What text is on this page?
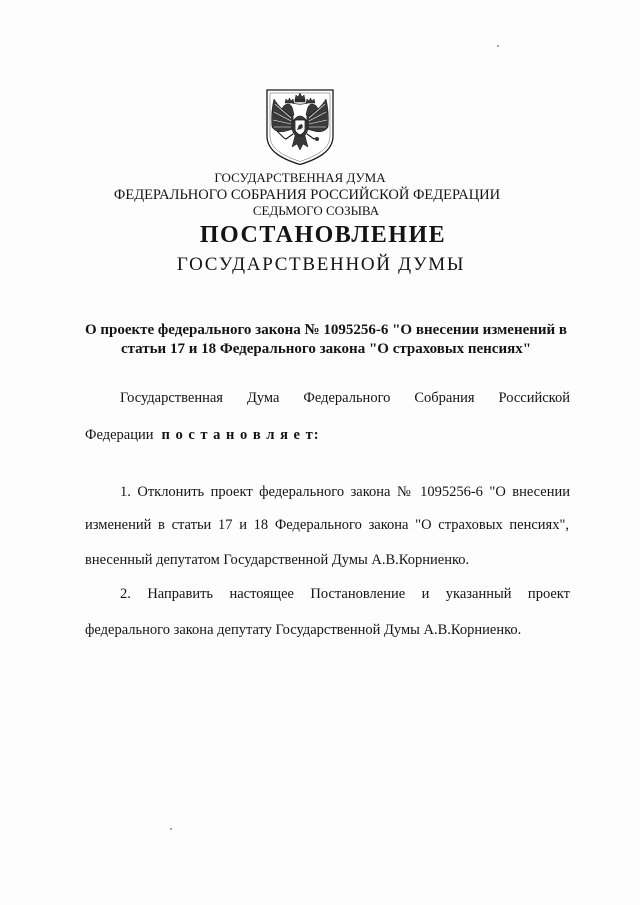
ГОСУДАРСТВЕННАЯ ДУМА
ФЕДЕРАЛЬНОГО СОБРАНИЯ РОССИЙСКОЙ ФЕДЕРАЦИИ
СЕДЬМОГО СОЗЫВА
ПОСТАНОВЛЕНИЕ
ГОСУДАРСТВЕННОЙ ДУМЫ
О проекте федерального закона № 1095256-6 "О внесении изменений в
статьи 17 и 18 Федерального закона "О страховых пенсиях"
Государственная Дума Федерального Собрания Российской
Федерации п о с т а н о в л я е т:
1. Отклонить проект федерального закона № 1095256-6 "О внесении
изменений в статьи 17 и 18 Федерального закона "О страховых пенсиях",
внесенный депутатом Государственной Думы А.В.Корниенко.
2. Направить настоящее Постановление и указанный проект
федерального закона депутату Государственной Думы А.В.Корниенко.
